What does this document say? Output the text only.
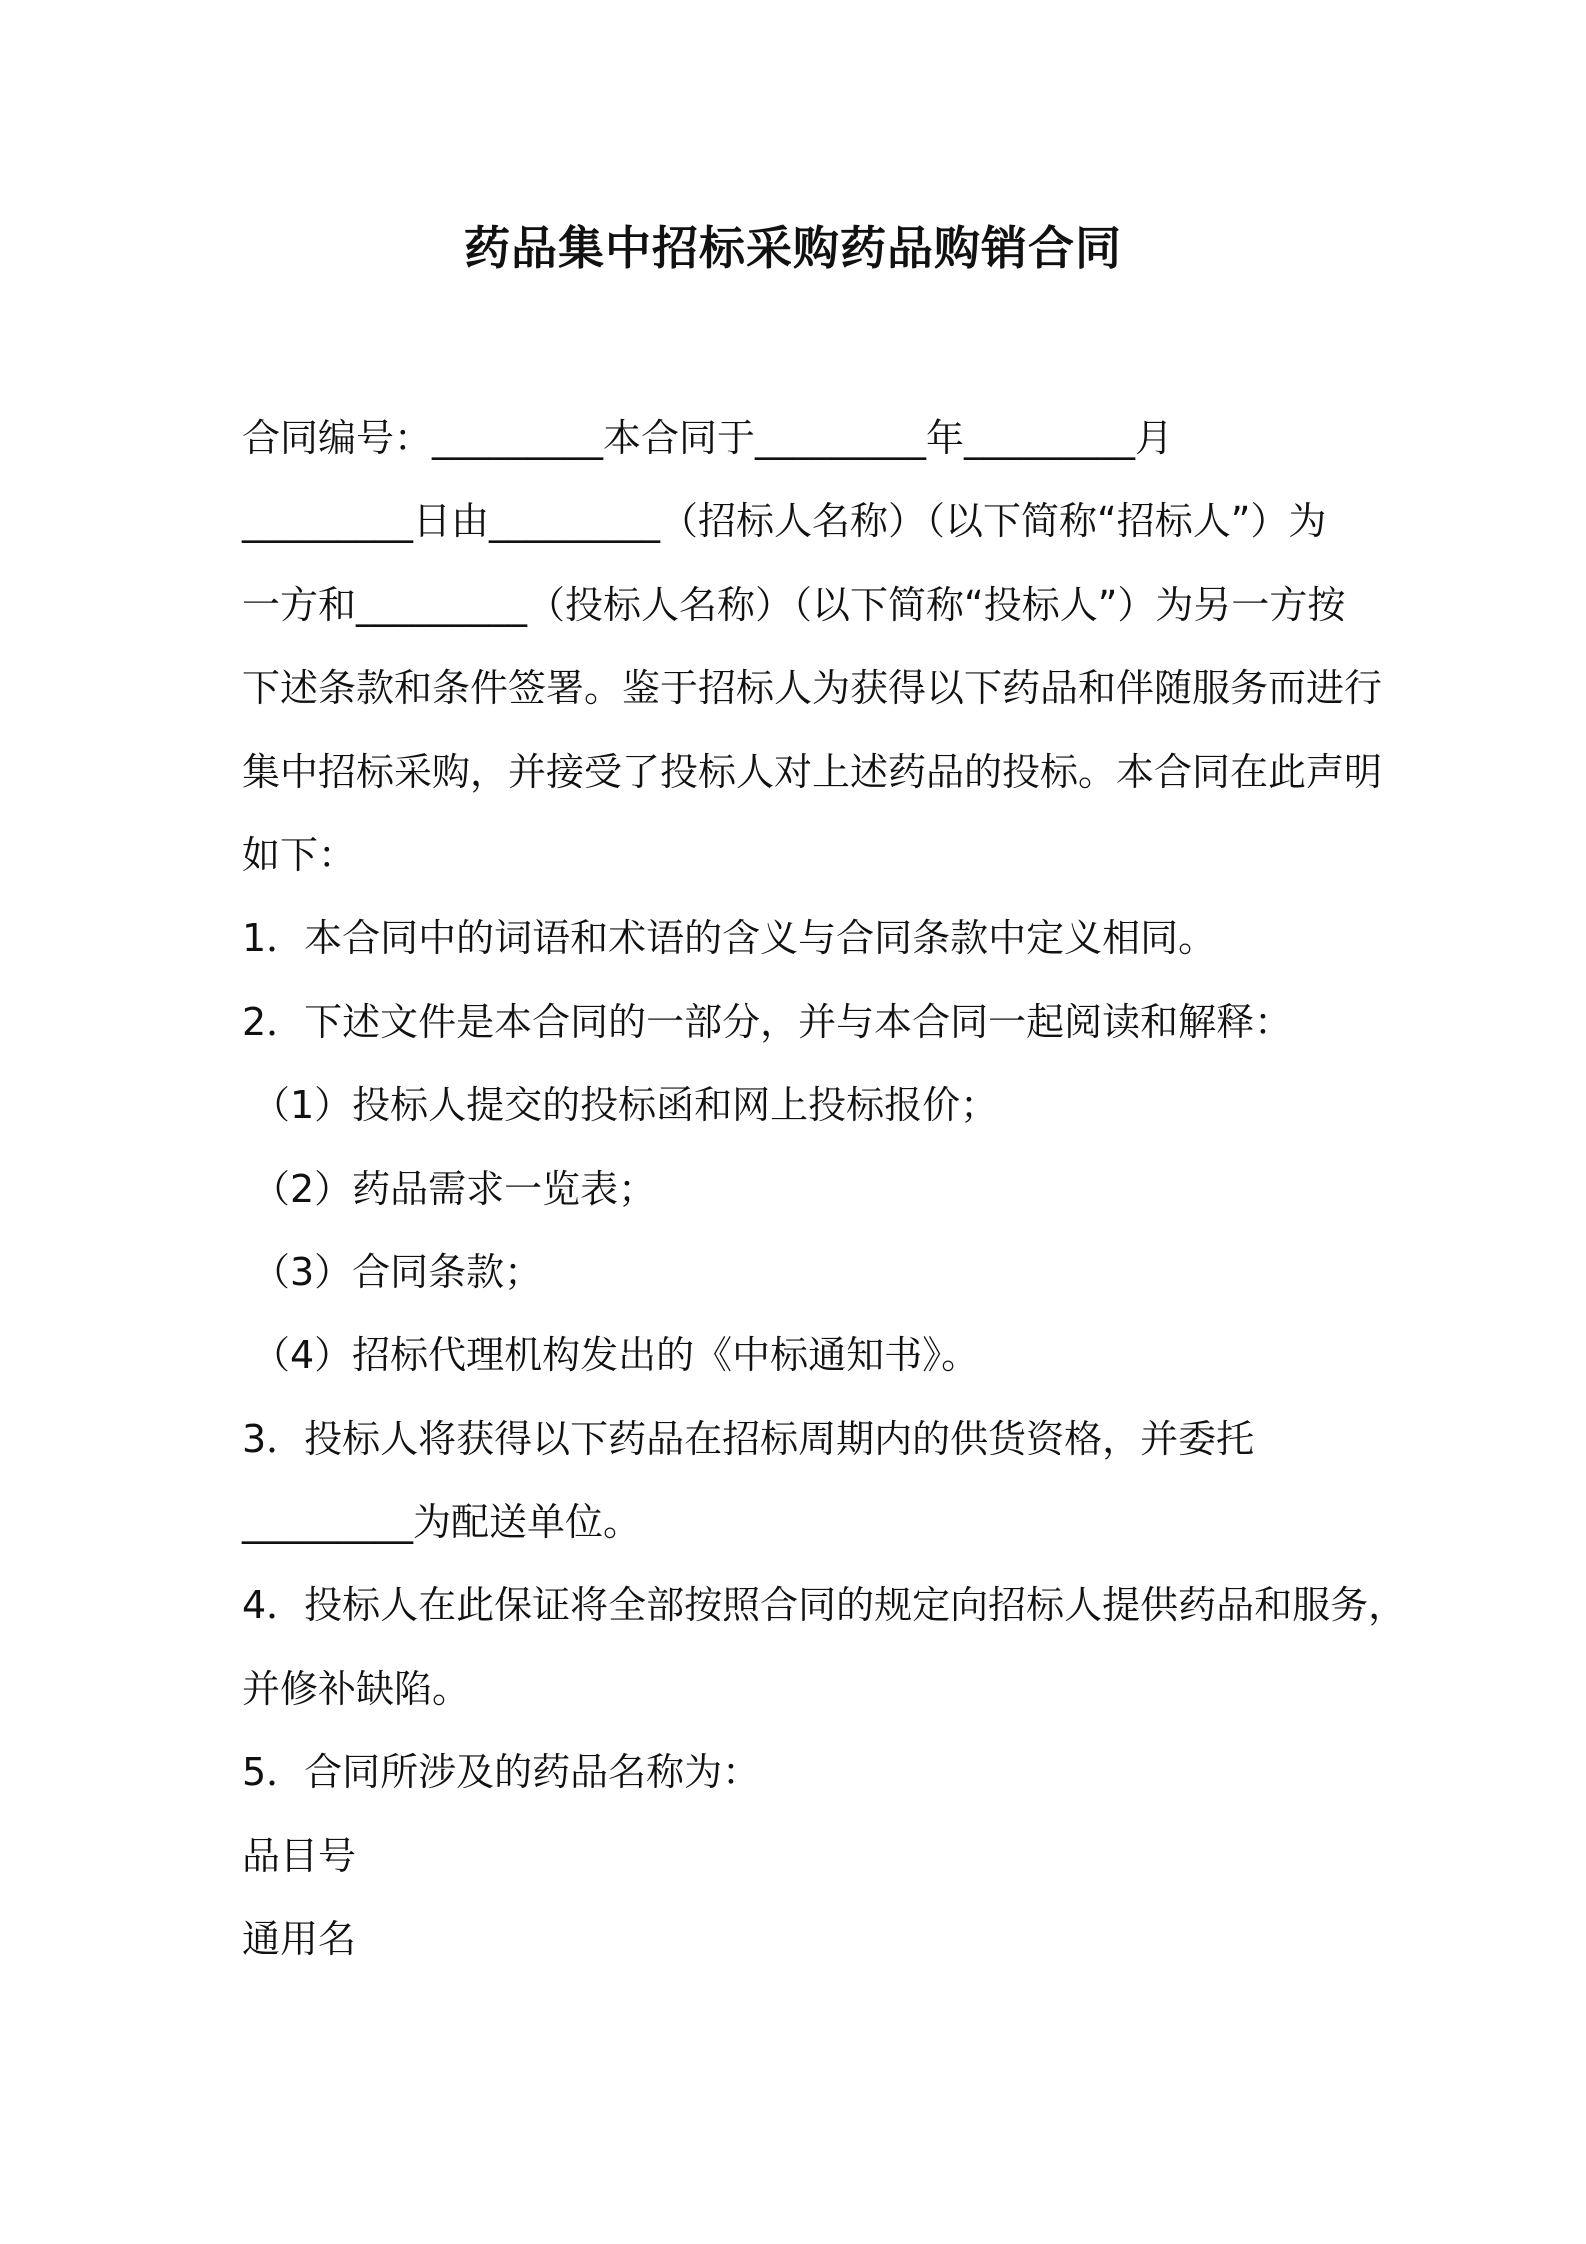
药品集中招标采购药品购销合同
合同编号：_________本合同于_________年_________月
_________日由_________（招标人名称）（以下简称“招标人”）为
一方和_________（投标人名称）（以下简称“投标人”）为另一方按
下述条款和条件签署。鉴于招标人为获得以下药品和伴随服务而进行
集中招标采购，并接受了投标人对上述药品的投标。本合同在此声明
如下：
1．本合同中的词语和术语的含义与合同条款中定义相同。
2．下述文件是本合同的一部分，并与本合同一起阅读和解释：
（1）投标人提交的投标函和网上投标报价；
（2）药品需求一览表；
（3）合同条款；
（4）招标代理机构发出的《中标通知书》。
3．投标人将获得以下药品在招标周期内的供货资格，并委托
_________为配送单位。
4．投标人在此保证将全部按照合同的规定向招标人提供药品和服务，
并修补缺陷。
5．合同所涉及的药品名称为：
品目号
通用名
